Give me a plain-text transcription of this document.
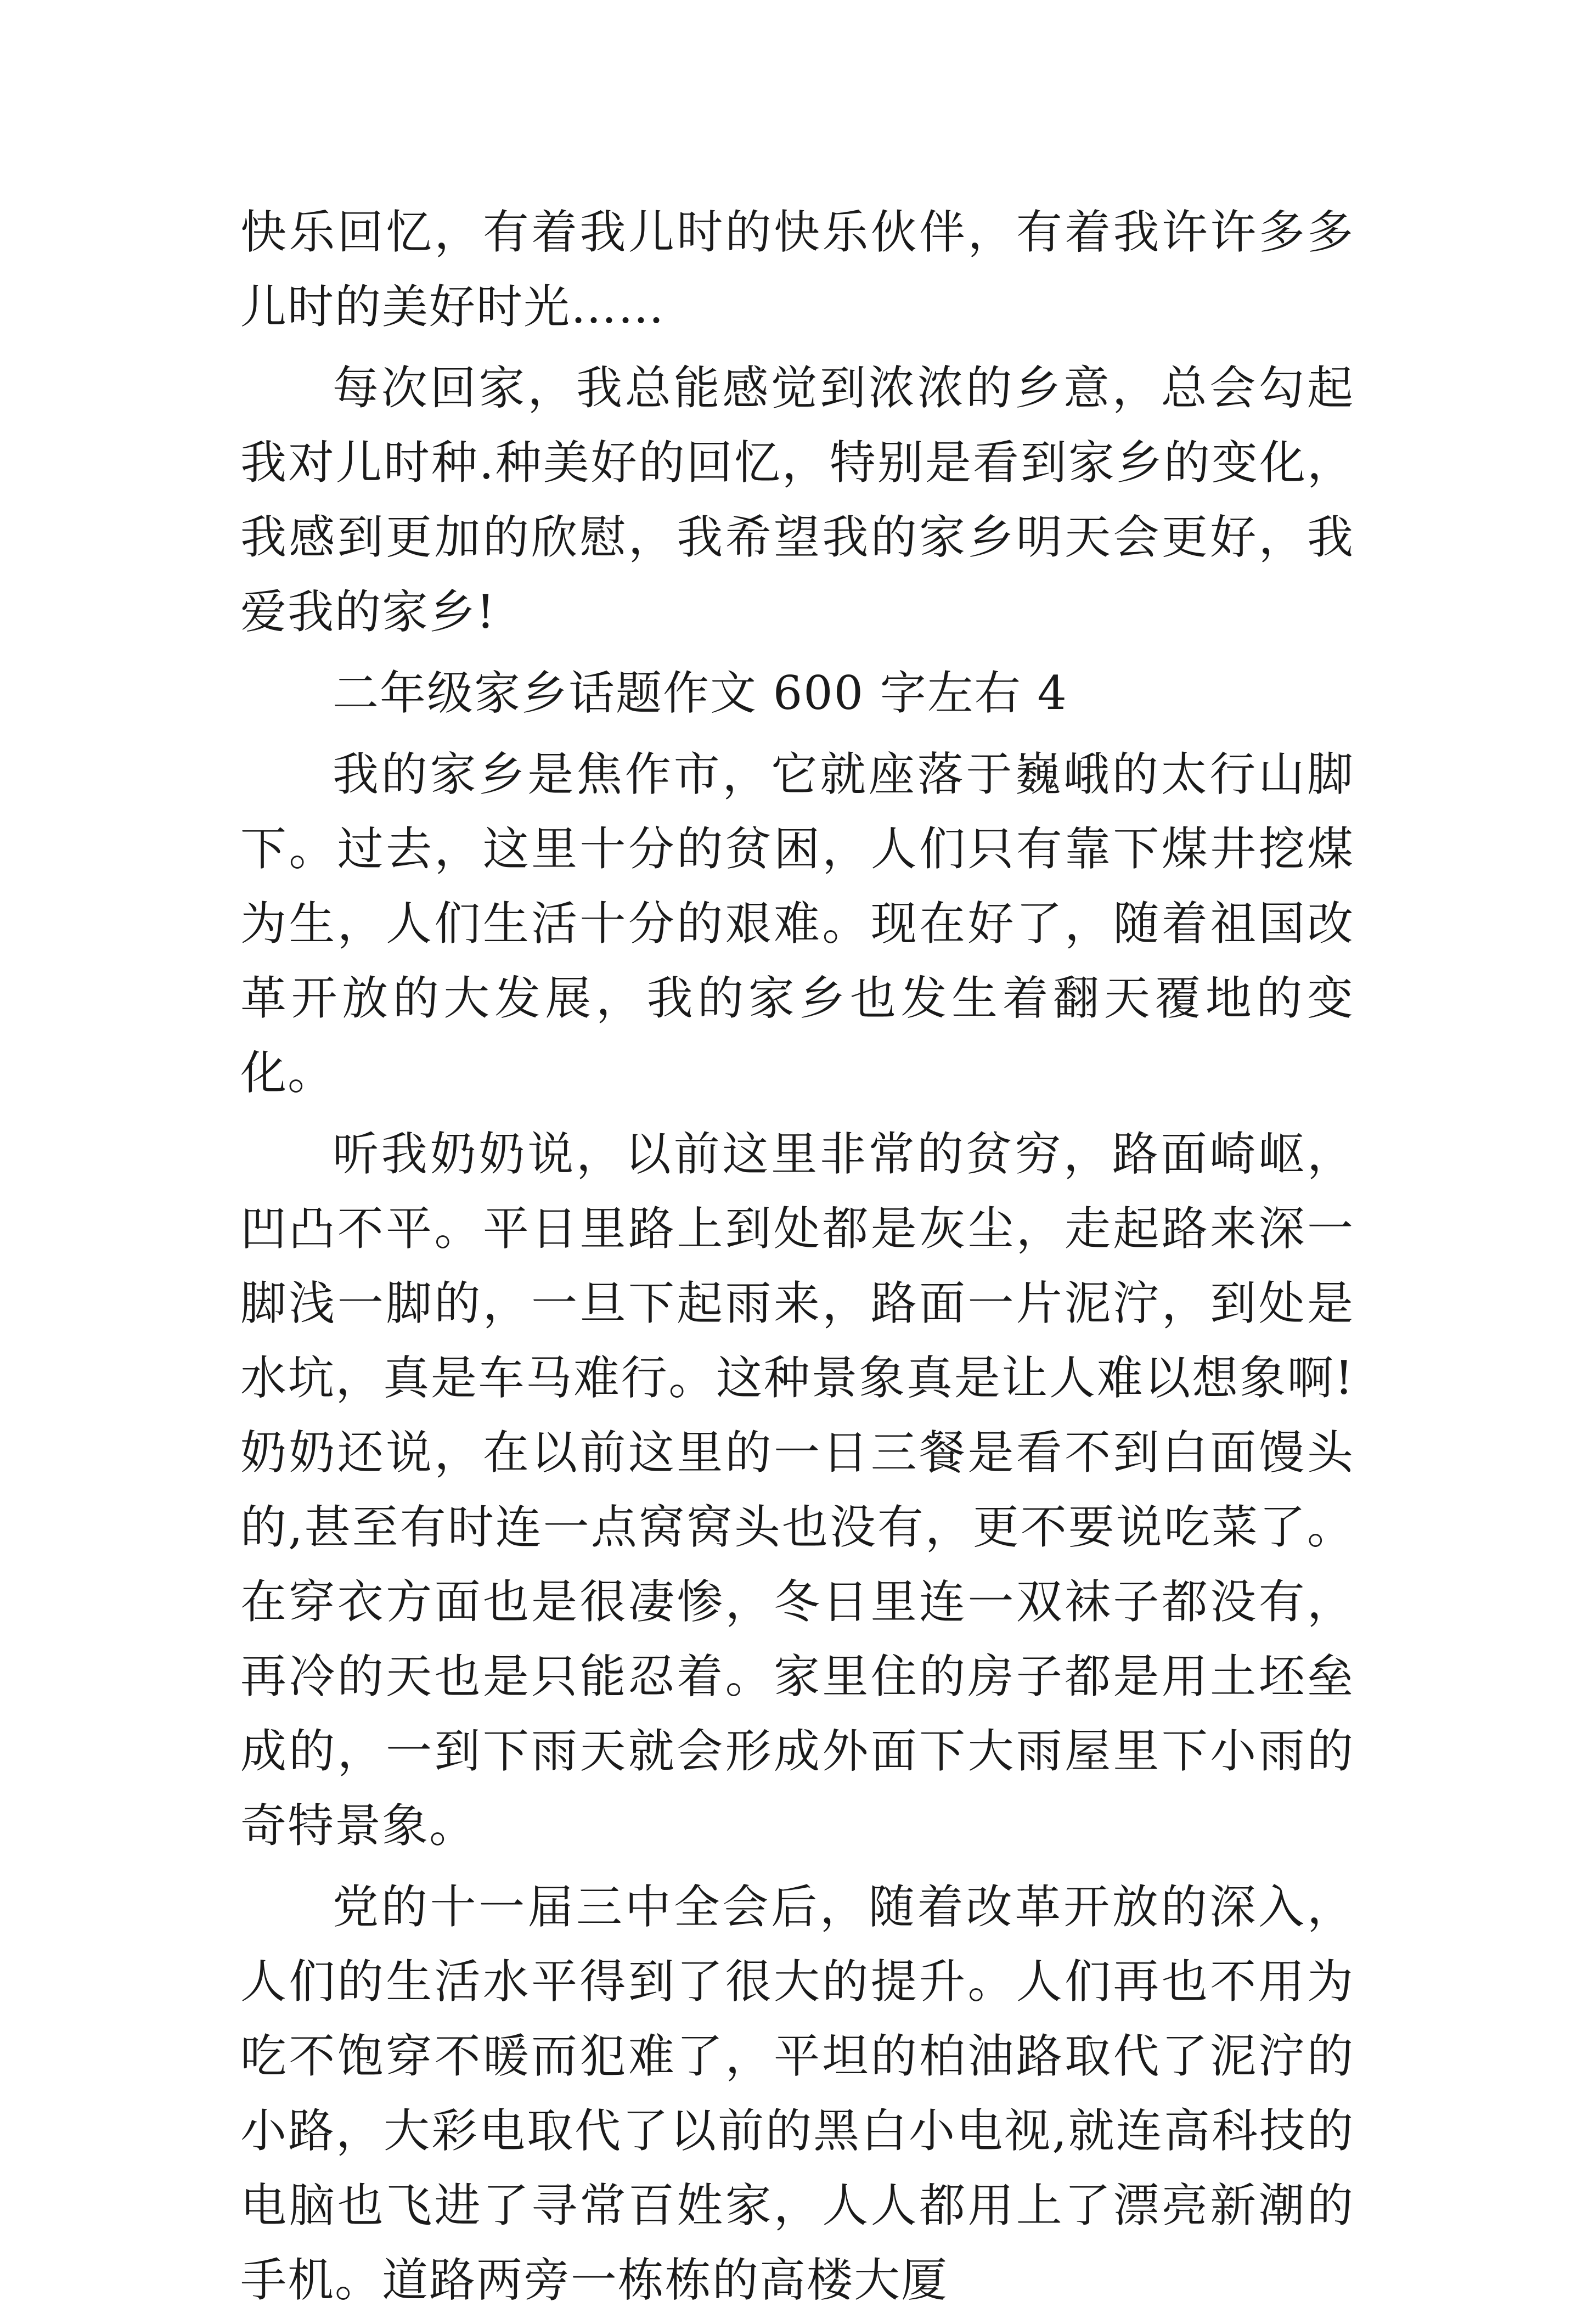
快乐回忆，有着我儿时的快乐伙伴，有着我许许多多儿时的美好时光……

每次回家，我总能感觉到浓浓的乡意，总会勾起我对儿时种.种美好的回忆，特别是看到家乡的变化，我感到更加的欣慰，我希望我的家乡明天会更好，我爱我的家乡!

二年级家乡话题作文 600 字左右 4

我的家乡是焦作市，它就座落于巍峨的太行山脚下。过去，这里十分的贫困，人们只有靠下煤井挖煤为生，人们生活十分的艰难。现在好了，随着祖国改革开放的大发展，我的家乡也发生着翻天覆地的变化。

听我奶奶说，以前这里非常的贫穷，路面崎岖，凹凸不平。平日里路上到处都是灰尘，走起路来深一脚浅一脚的，一旦下起雨来，路面一片泥泞，到处是水坑，真是车马难行。这种景象真是让人难以想象啊!奶奶还说，在以前这里的一日三餐是看不到白面馒头的,甚至有时连一点窝窝头也没有，更不要说吃菜了。在穿衣方面也是很凄惨，冬日里连一双袜子都没有，再冷的天也是只能忍着。家里住的房子都是用土坯垒成的，一到下雨天就会形成外面下大雨屋里下小雨的奇特景象。

党的十一届三中全会后，随着改革开放的深入，人们的生活水平得到了很大的提升。人们再也不用为吃不饱穿不暖而犯难了，平坦的柏油路取代了泥泞的小路，大彩电取代了以前的黑白小电视,就连高科技的电脑也飞进了寻常百姓家，人人都用上了漂亮新潮的手机。道路两旁一栋栋的高楼大厦
